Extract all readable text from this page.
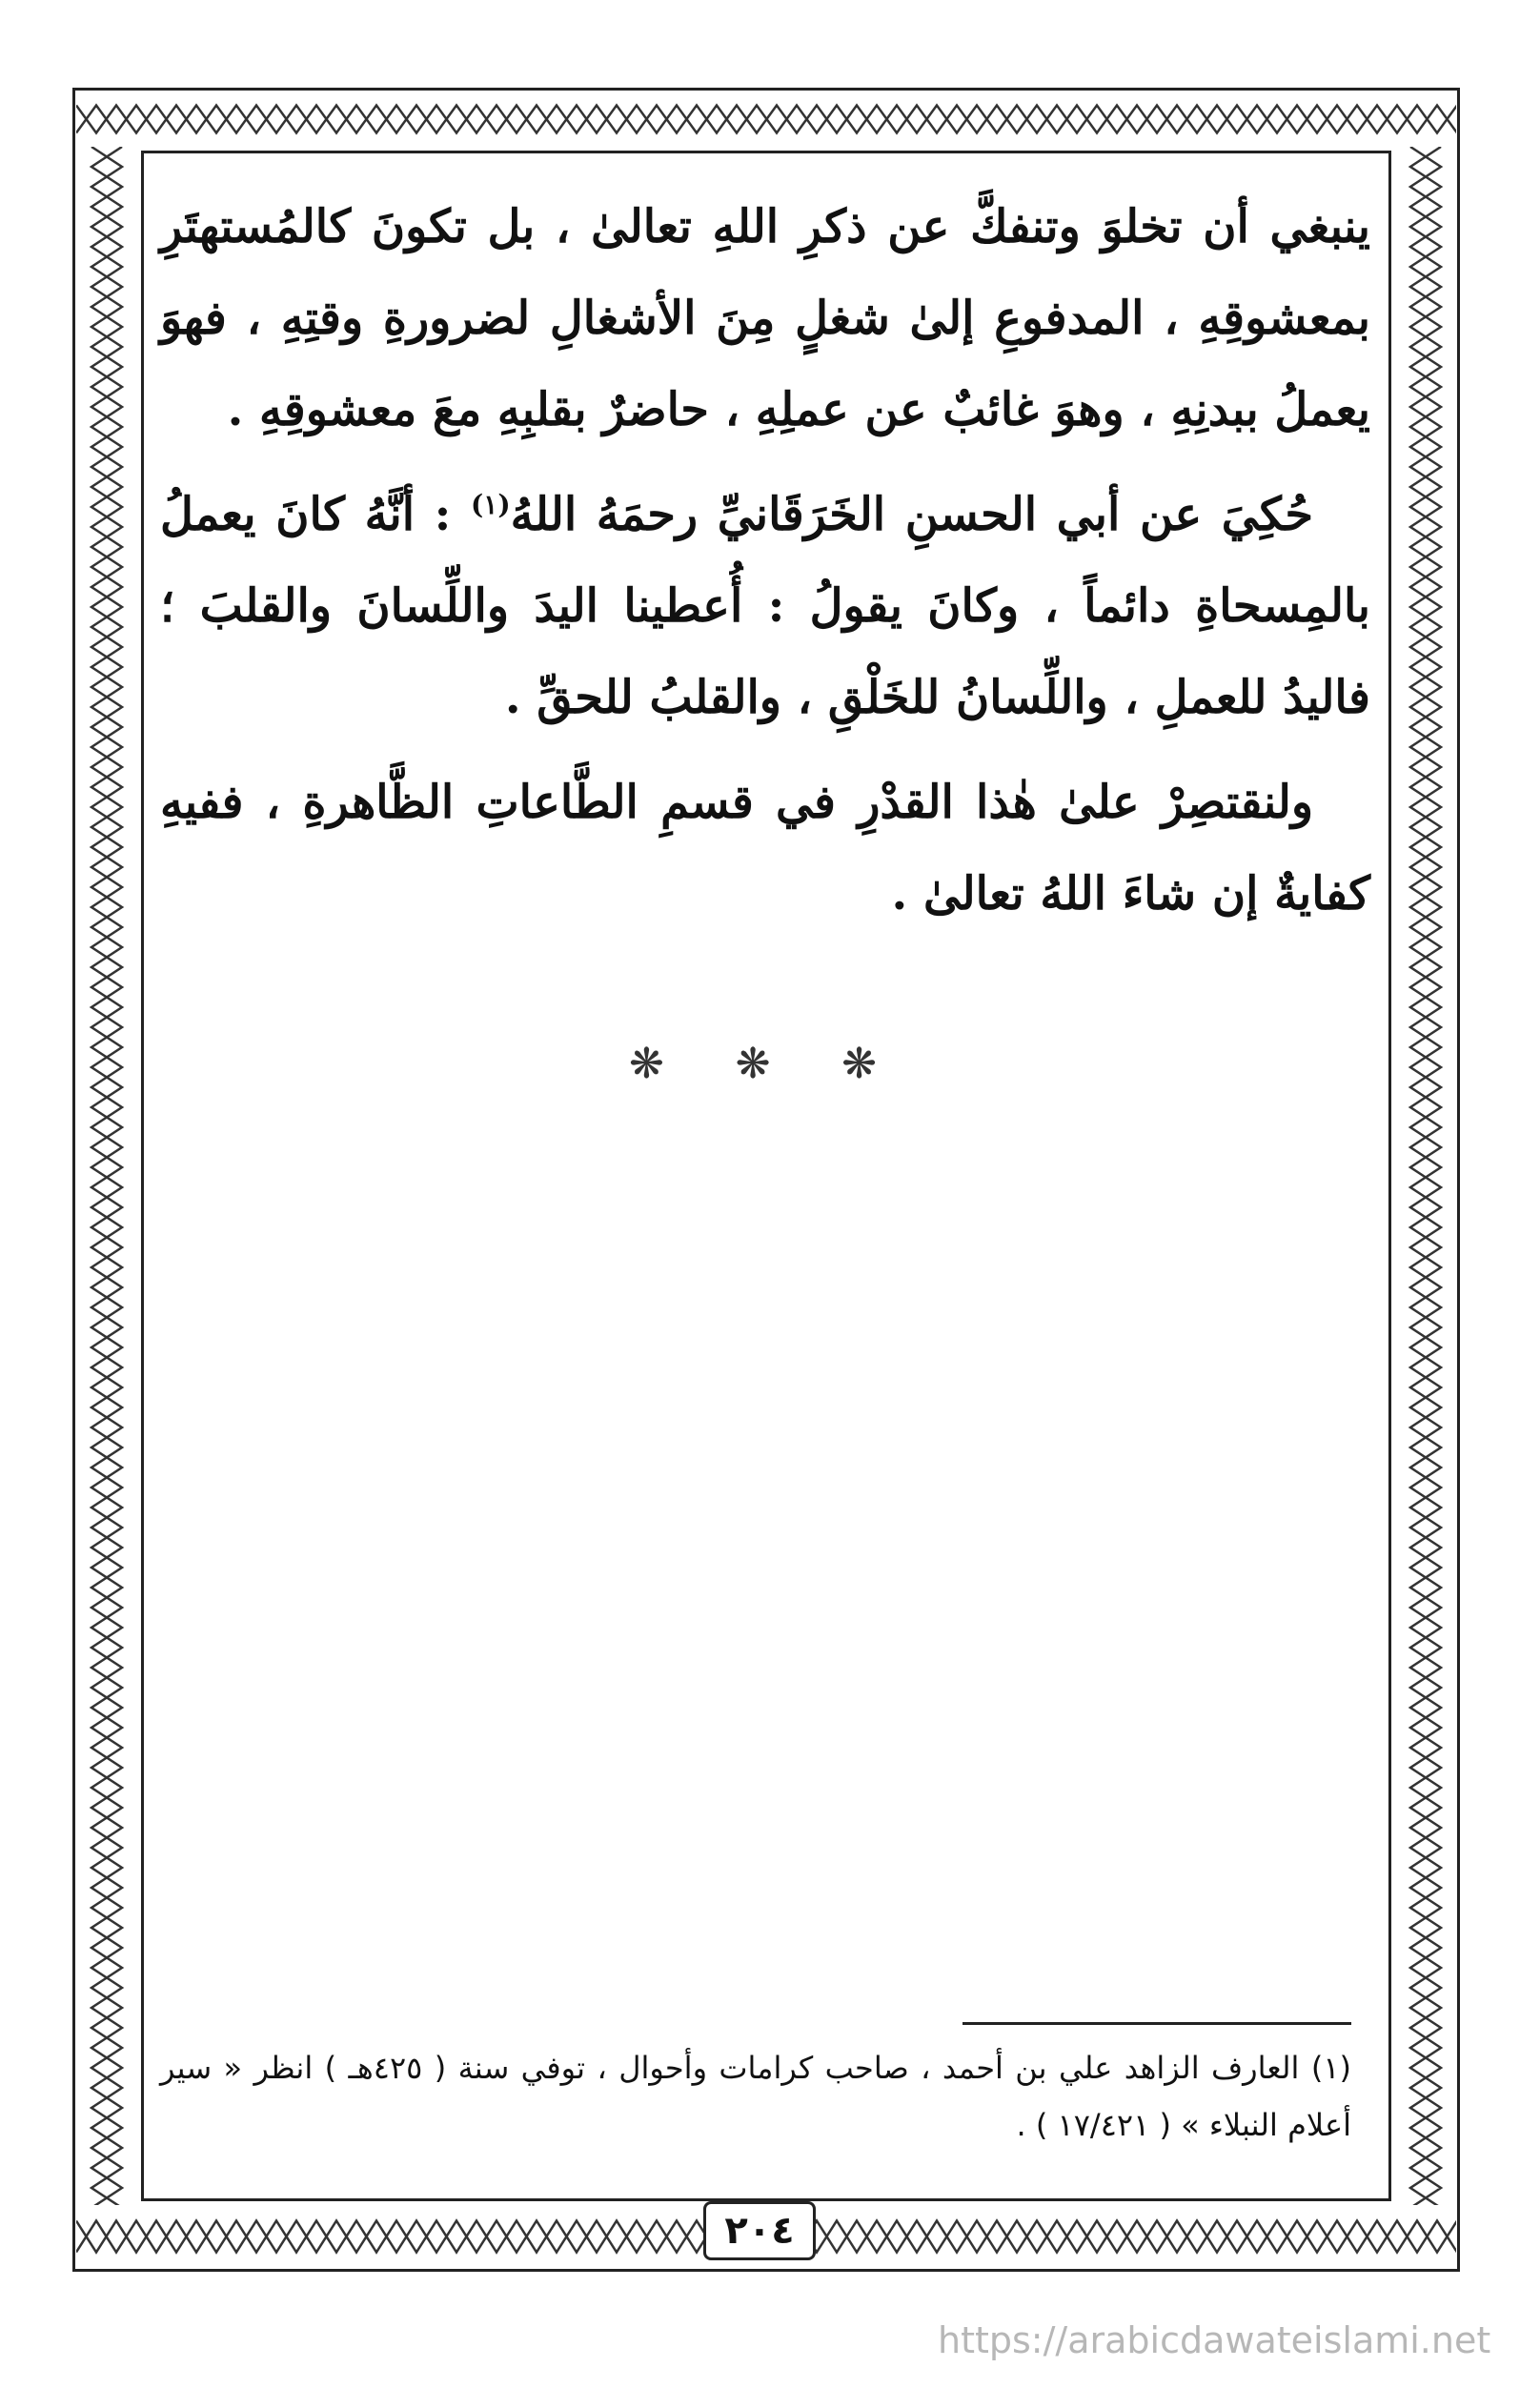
ينبغي أن تخلوَ وتنفكَّ عن ذكرِ اللهِ تعالىٰ ، بل تكونَ كالمُستهتَرِ بمعشوقِهِ ، المدفوعِ إلىٰ شغلٍ مِنَ الأشغالِ لضرورةِ وقتِهِ ، فهوَ يعملُ ببدنِهِ ، وهوَ غائبٌ عن عملِهِ ، حاضرٌ بقلبِهِ معَ معشوقِهِ .

حُكِيَ عن أبي الحسنِ الخَرَقَانيِّ رحمَهُ اللهُ$^{(١)}$ : أنَّهُ كانَ يعملُ بالمِسحاةِ دائماً ، وكانَ يقولُ : أُعطينا اليدَ واللِّسانَ والقلبَ ؛ فاليدُ للعملِ ، واللِّسانُ للخَلْقِ ، والقلبُ للحقِّ .

ولنقتصِرْ علىٰ هٰذا القدْرِ في قسمِ الطَّاعاتِ الظَّاهرةِ ، ففيهِ كفايةٌ إن شاءَ اللهُ تعالىٰ .

❋ ❋ ❋
(١) العارف الزاهد علي بن أحمد ، صاحب كرامات وأحوال ، توفي سنة ( ٤٢٥هـ ) انظر « سير أعلام النبلاء » ( ١٧/٤٢١ ) .
٢٠٤
https://arabicdawateislami.net
